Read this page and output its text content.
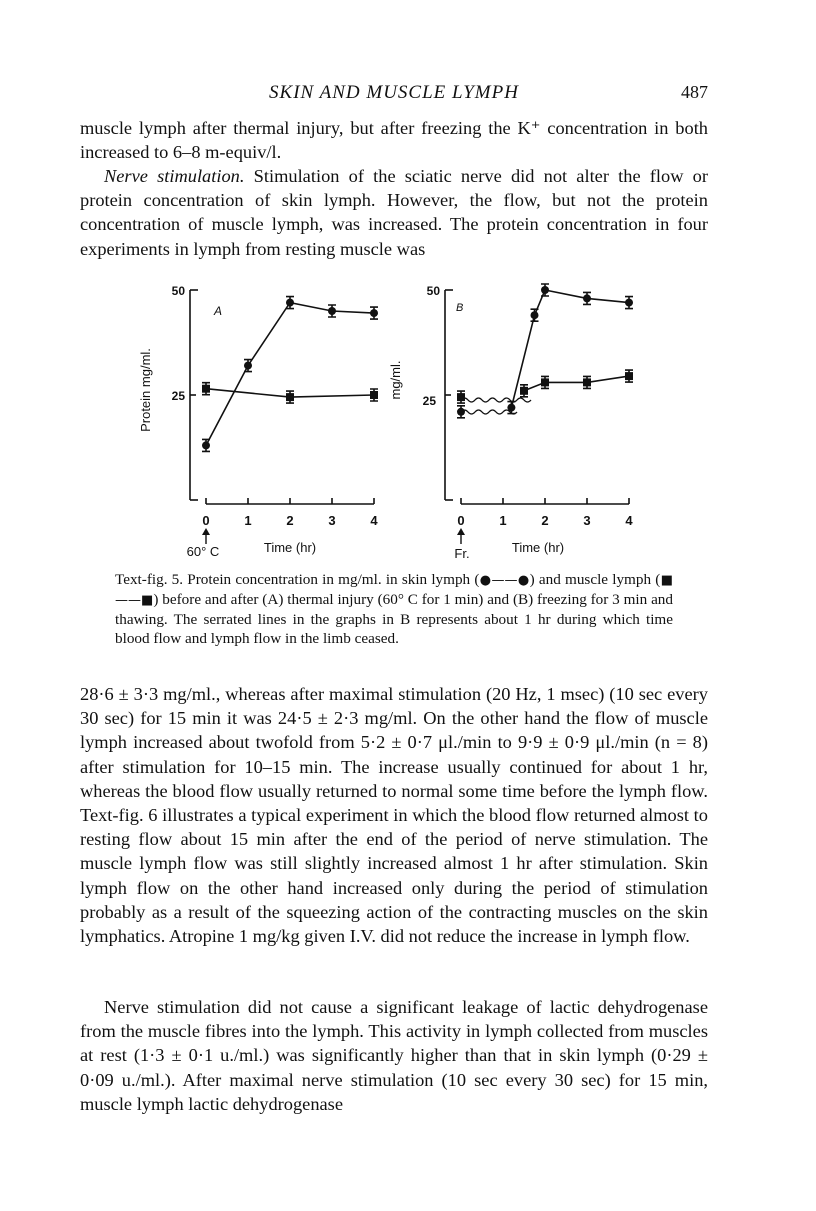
SKIN AND MUSCLE LYMPH	487

muscle lymph after thermal injury, but after freezing the K⁺ concentration in both increased to 6–8 m-equiv/l.

Nerve stimulation. Stimulation of the sciatic nerve did not alter the flow or protein concentration of skin lymph. However, the flow, but not the protein concentration of muscle lymph, was increased. The protein concentration in four experiments in lymph from resting muscle was

50
25
A
Protein mg/ml.
0	1	2	3	4
Time (hr)
60° C
50
25
B
mg/ml.
0	1	2	3	4
Time (hr)
Fr.

Text-fig. 5. Protein concentration in mg/ml. in skin lymph (●——●) and muscle lymph (■——■) before and after (A) thermal injury (60° C for 1 min) and (B) freezing for 3 min and thawing. The serrated lines in the graphs in B represents about 1 hr during which time blood flow and lymph flow in the limb ceased.

28·6 ± 3·3 mg/ml., whereas after maximal stimulation (20 Hz, 1 msec) (10 sec every 30 sec) for 15 min it was 24·5 ± 2·3 mg/ml. On the other hand the flow of muscle lymph increased about twofold from 5·2 ± 0·7 μl./min to 9·9 ± 0·9 μl./min (n = 8) after stimulation for 10–15 min. The increase usually continued for about 1 hr, whereas the blood flow usually returned to normal some time before the lymph flow. Text-fig. 6 illustrates a typical experiment in which the blood flow returned almost to resting flow about 15 min after the end of the period of nerve stimulation. The muscle lymph flow was still slightly increased almost 1 hr after stimulation. Skin lymph flow on the other hand increased only during the period of stimulation probably as a result of the squeezing action of the contracting muscles on the skin lymphatics. Atropine 1 mg/kg given I.V. did not reduce the increase in lymph flow.

Nerve stimulation did not cause a significant leakage of lactic dehydrogenase from the muscle fibres into the lymph. This activity in lymph collected from muscles at rest (1·3 ± 0·1 u./ml.) was significantly higher than that in skin lymph (0·29 ± 0·09 u./ml.). After maximal nerve stimulation (10 sec every 30 sec) for 15 min, muscle lymph lactic dehydrogenase
